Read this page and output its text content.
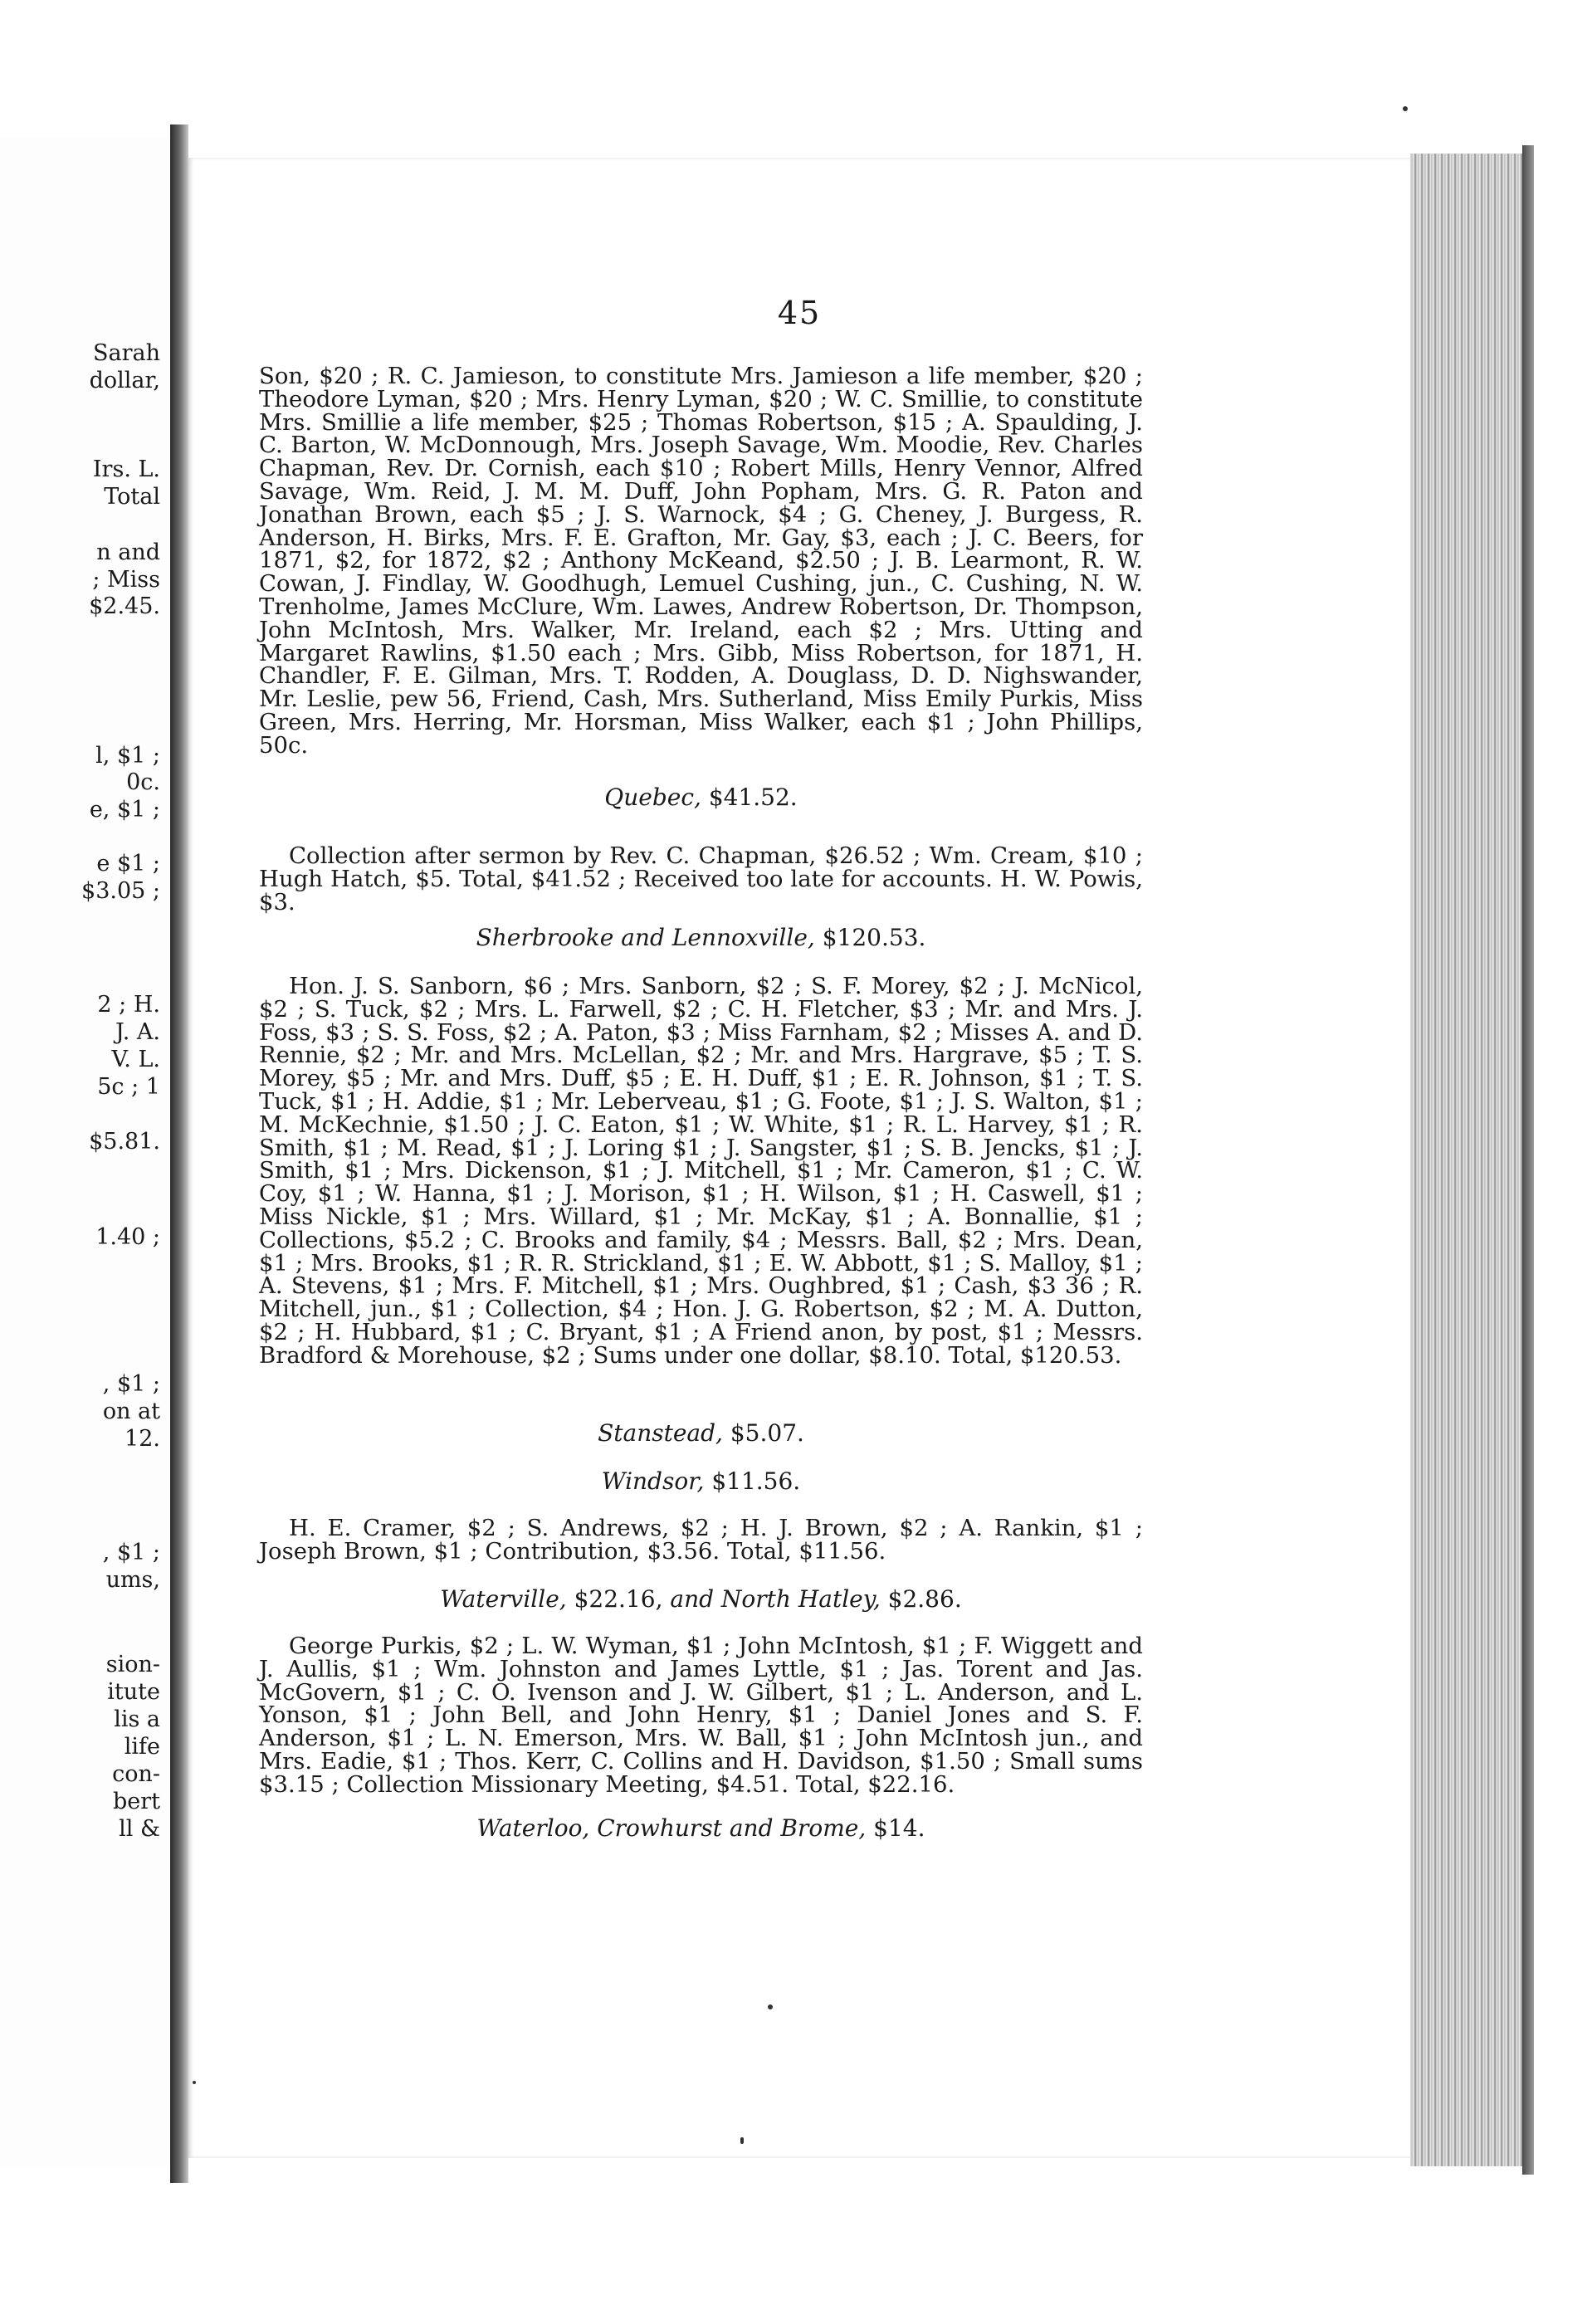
Sarah
dollar,
Irs. L.
Total
n and
; Miss
$2.45.
l, $1 ;
0c.
e, $1 ;
e $1 ;
$3.05 ;
2 ; H.
J. A.
V. L.
5c ; 1
$5.81.
1.40 ;
, $1 ;
on at
12.
, $1 ;
ums,
sion-
itute
lis a
life
con-
bert
ll &
45
Son, $20 ; R. C. Jamieson, to constitute Mrs. Jamieson a life member, $20 ; Theodore Lyman, $20 ; Mrs. Henry Lyman, $20 ; W. C. Smillie, to constitute Mrs. Smillie a life member, $25 ; Thomas Robertson, $15 ; A. Spaulding, J. C. Barton, W. McDonnough, Mrs. Joseph Savage, Wm. Moodie, Rev. Charles Chapman, Rev. Dr. Cornish, each $10 ; Robert Mills, Henry Vennor, Alfred Savage, Wm. Reid, J. M. M. Duff, John Popham, Mrs. G. R. Paton and Jonathan Brown, each $5 ; J. S. Warnock, $4 ; G. Cheney, J. Burgess, R. Anderson, H. Birks, Mrs. F. E. Grafton, Mr. Gay, $3, each ; J. C. Beers, for 1871, $2, for 1872, $2 ; Anthony McKeand, $2.50 ; J. B. Learmont, R. W. Cowan, J. Findlay, W. Goodhugh, Lemuel Cushing, jun., C. Cushing, N. W. Trenholme, James McClure, Wm. Lawes, Andrew Robertson, Dr. Thompson, John McIntosh, Mrs. Walker, Mr. Ireland, each $2 ; Mrs. Utting and Margaret Rawlins, $1.50 each ; Mrs. Gibb, Miss Robertson, for 1871, H. Chandler, F. E. Gilman, Mrs. T. Rodden, A. Douglass, D. D. Nighswander, Mr. Leslie, pew 56, Friend, Cash, Mrs. Sutherland, Miss Emily Purkis, Miss Green, Mrs. Herring, Mr. Horsman, Miss Walker, each $1 ; John Phillips, 50c.
Quebec, $41.52.
Collection after sermon by Rev. C. Chapman, $26.52 ; Wm. Cream, $10 ; Hugh Hatch, $5. Total, $41.52 ; Received too late for accounts. H. W. Powis, $3.
Sherbrooke and Lennoxville, $120.53.
Hon. J. S. Sanborn, $6 ; Mrs. Sanborn, $2 ; S. F. Morey, $2 ; J. McNicol, $2 ; S. Tuck, $2 ; Mrs. L. Farwell, $2 ; C. H. Fletcher, $3 ; Mr. and Mrs. J. Foss, $3 ; S. S. Foss, $2 ; A. Paton, $3 ; Miss Farnham, $2 ; Misses A. and D. Rennie, $2 ; Mr. and Mrs. McLellan, $2 ; Mr. and Mrs. Hargrave, $5 ; T. S. Morey, $5 ; Mr. and Mrs. Duff, $5 ; E. H. Duff, $1 ; E. R. Johnson, $1 ; T. S. Tuck, $1 ; H. Addie, $1 ; Mr. Leberveau, $1 ; G. Foote, $1 ; J. S. Walton, $1 ; M. McKechnie, $1.50 ; J. C. Eaton, $1 ; W. White, $1 ; R. L. Harvey, $1 ; R. Smith, $1 ; M. Read, $1 ; J. Loring $1 ; J. Sangster, $1 ; S. B. Jencks, $1 ; J. Smith, $1 ; Mrs. Dickenson, $1 ; J. Mitchell, $1 ; Mr. Cameron, $1 ; C. W. Coy, $1 ; W. Hanna, $1 ; J. Morison, $1 ; H. Wilson, $1 ; H. Caswell, $1 ; Miss Nickle, $1 ; Mrs. Willard, $1 ; Mr. McKay, $1 ; A. Bonnallie, $1 ; Collections, $5.2 ; C. Brooks and family, $4 ; Messrs. Ball, $2 ; Mrs. Dean, $1 ; Mrs. Brooks, $1 ; R. R. Strickland, $1 ; E. W. Abbott, $1 ; S. Malloy, $1 ; A. Stevens, $1 ; Mrs. F. Mitchell, $1 ; Mrs. Oughbred, $1 ; Cash, $3 36 ; R. Mitchell, jun., $1 ; Collection, $4 ; Hon. J. G. Robertson, $2 ; M. A. Dutton, $2 ; H. Hubbard, $1 ; C. Bryant, $1 ; A Friend anon, by post, $1 ; Messrs. Bradford & Morehouse, $2 ; Sums under one dollar, $8.10. Total, $120.53.
Stanstead, $5.07.
Windsor, $11.56.
H. E. Cramer, $2 ; S. Andrews, $2 ; H. J. Brown, $2 ; A. Rankin, $1 ; Joseph Brown, $1 ; Contribution, $3.56. Total, $11.56.
Waterville, $22.16, and North Hatley, $2.86.
George Purkis, $2 ; L. W. Wyman, $1 ; John McIntosh, $1 ; F. Wiggett and J. Aullis, $1 ; Wm. Johnston and James Lyttle, $1 ; Jas. Torent and Jas. McGovern, $1 ; C. O. Ivenson and J. W. Gilbert, $1 ; L. Anderson, and L. Yonson, $1 ; John Bell, and John Henry, $1 ; Daniel Jones and S. F. Anderson, $1 ; L. N. Emerson, Mrs. W. Ball, $1 ; John McIntosh jun., and Mrs. Eadie, $1 ; Thos. Kerr, C. Collins and H. Davidson, $1.50 ; Small sums $3.15 ; Collection Missionary Meeting, $4.51. Total, $22.16.
Waterloo, Crowhurst and Brome, $14.
